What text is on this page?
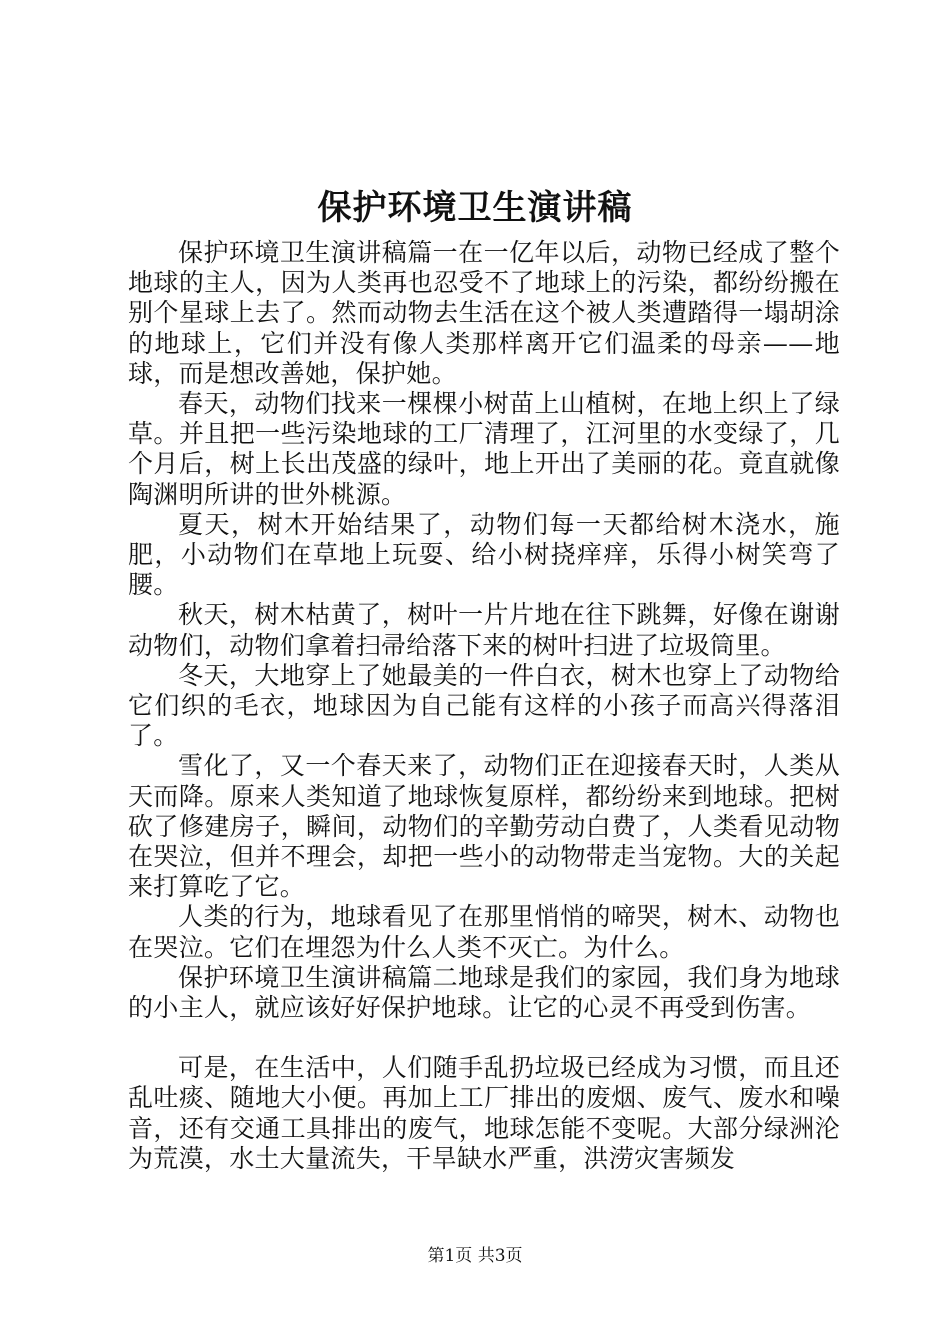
保护环境卫生演讲稿

保护环境卫生演讲稿篇一在一亿年以后，动物已经成了整个地球的主人，因为人类再也忍受不了地球上的污染，都纷纷搬在别个星球上去了。然而动物去生活在这个被人类遭踏得一塌胡涂的地球上，它们并没有像人类那样离开它们温柔的母亲——地球，而是想改善她，保护她。

春天，动物们找来一棵棵小树苗上山植树，在地上织上了绿草。并且把一些污染地球的工厂清理了，江河里的水变绿了，几个月后，树上长出茂盛的绿叶，地上开出了美丽的花。竟直就像陶渊明所讲的世外桃源。

夏天，树木开始结果了，动物们每一天都给树木浇水，施肥，小动物们在草地上玩耍、给小树挠痒痒，乐得小树笑弯了腰。

秋天，树木枯黄了，树叶一片片地在往下跳舞，好像在谢谢动物们，动物们拿着扫帚给落下来的树叶扫进了垃圾筒里。

冬天，大地穿上了她最美的一件白衣，树木也穿上了动物给它们织的毛衣，地球因为自己能有这样的小孩子而高兴得落泪了。

雪化了，又一个春天来了，动物们正在迎接春天时，人类从天而降。原来人类知道了地球恢复原样，都纷纷来到地球。把树砍了修建房子，瞬间，动物们的辛勤劳动白费了，人类看见动物在哭泣，但并不理会，却把一些小的动物带走当宠物。大的关起来打算吃了它。

人类的行为，地球看见了在那里悄悄的啼哭，树木、动物也在哭泣。它们在埋怨为什么人类不灭亡。为什么。

保护环境卫生演讲稿篇二地球是我们的家园，我们身为地球的小主人，就应该好好保护地球。让它的心灵不再受到伤害。

可是，在生活中，人们随手乱扔垃圾已经成为习惯，而且还乱吐痰、随地大小便。再加上工厂排出的废烟、废气、废水和噪音，还有交通工具排出的废气，地球怎能不变呢。大部分绿洲沦为荒漠，水土大量流失，干旱缺水严重，洪涝灾害频发

第1页 共3页
